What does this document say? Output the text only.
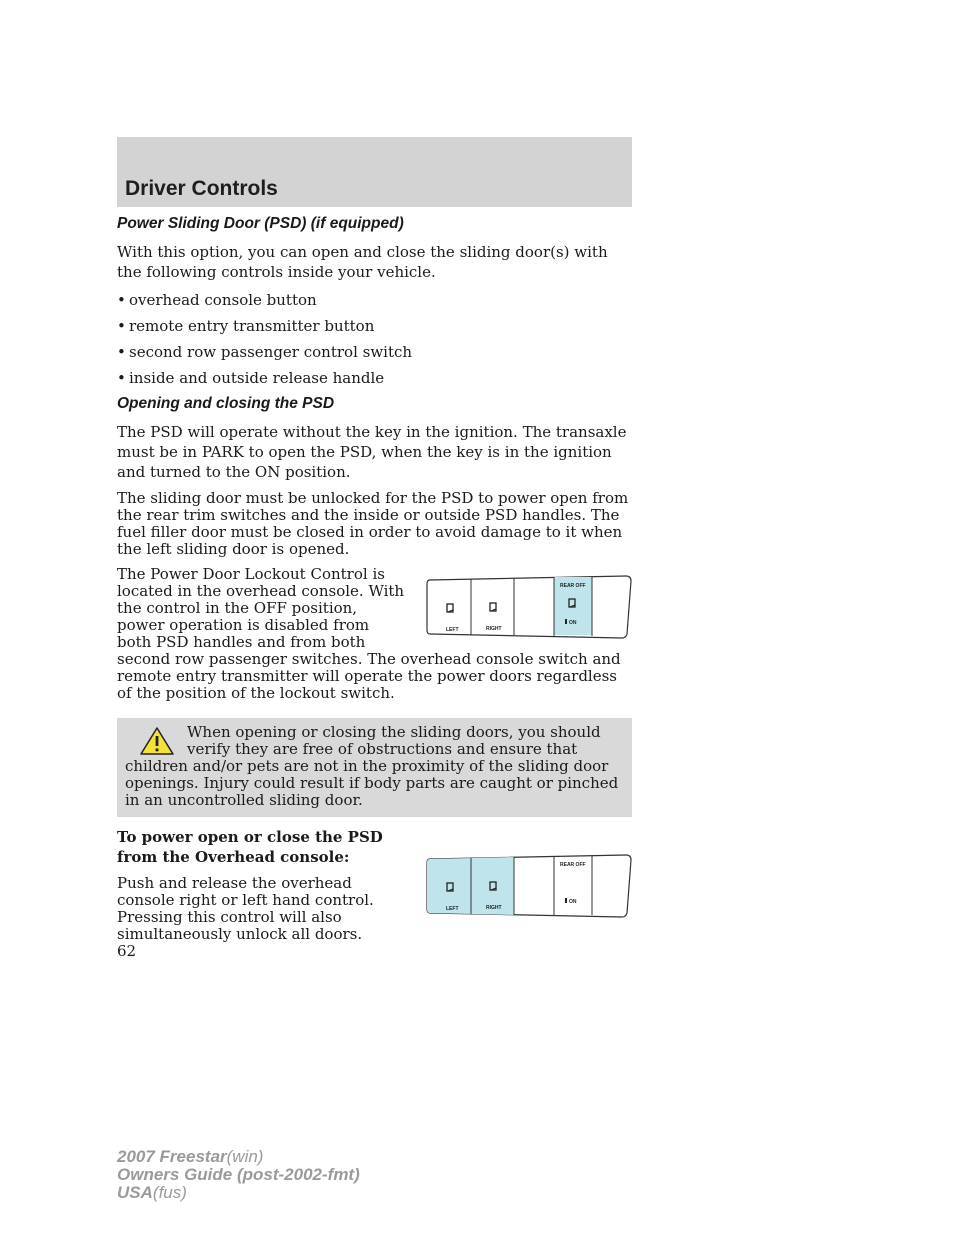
Driver Controls
Power Sliding Door (PSD) (if equipped)

With this option, you can open and close the sliding door(s) with the following controls inside your vehicle.

• overhead console button
• remote entry transmitter button
• second row passenger control switch
• inside and outside release handle
Opening and closing the PSD

The PSD will operate without the key in the ignition. The transaxle must be in PARK to open the PSD, when the key is in the ignition and turned to the ON position.

The sliding door must be unlocked for the PSD to power open from the rear trim switches and the inside or outside PSD handles. The fuel filler door must be closed in order to avoid damage to it when the left sliding door is opened.

LEFT	RIGHT
REAR OFF
ON

The Power Door Lockout Control is located in the overhead console. With the control in the OFF position, power operation is disabled from both PSD handles and from both second row passenger switches. The overhead console switch and remote entry transmitter will operate the power doors regardless of the position of the lockout switch.

When opening or closing the sliding doors, you should verify they are free of obstructions and ensure that children and/or pets are not in the proximity of the sliding door openings. Injury could result if body parts are caught or pinched in an uncontrolled sliding door.

LEFT	RIGHT
REAR OFF
ON

To power open or close the PSD from the Overhead console:

Push and release the overhead console right or left hand control. Pressing this control will also simultaneously unlock all doors.

62
2007 Freestar(win)
Owners Guide (post-2002-fmt)
USA(fus)
